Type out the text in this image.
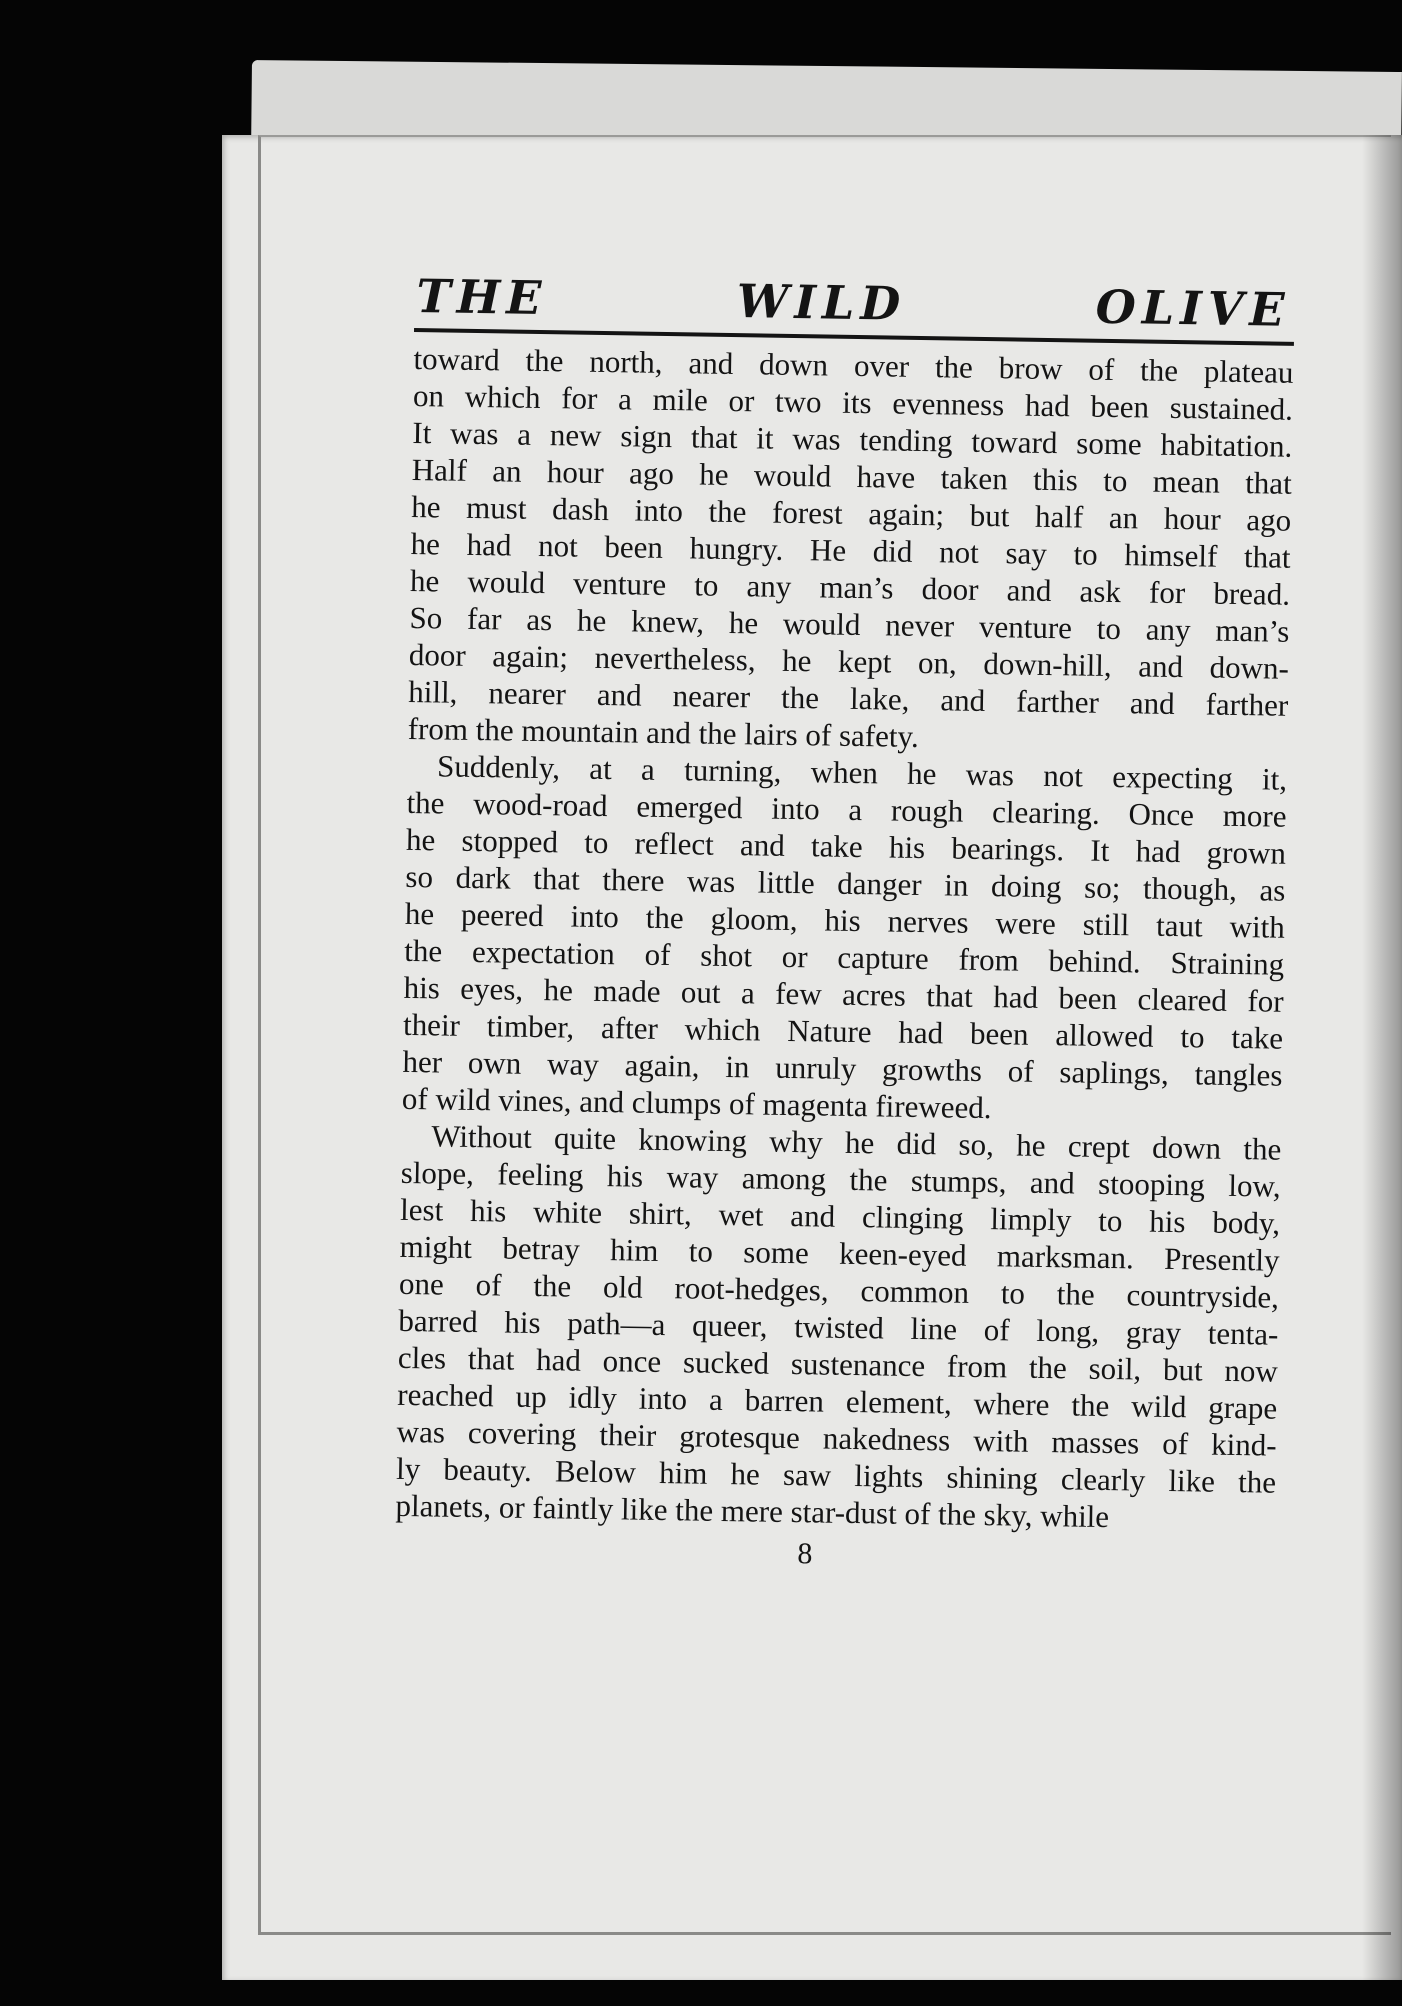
THE	WILD	OLIVE
toward the north, and down over the brow of the plateau
on which for a mile or two its evenness had been sustained.
It was a new sign that it was tending toward some habitation.
Half an hour ago he would have taken this to mean that
he must dash into the forest again; but half an hour ago
he had not been hungry. He did not say to himself that
he would venture to any man’s door and ask for bread.
So far as he knew, he would never venture to any man’s
door again; nevertheless, he kept on, down-hill, and down-
hill, nearer and nearer the lake, and farther and farther
from the mountain and the lairs of safety.
Suddenly, at a turning, when he was not expecting it,
the wood-road emerged into a rough clearing. Once more
he stopped to reflect and take his bearings. It had grown
so dark that there was little danger in doing so; though, as
he peered into the gloom, his nerves were still taut with
the expectation of shot or capture from behind. Straining
his eyes, he made out a few acres that had been cleared for
their timber, after which Nature had been allowed to take
her own way again, in unruly growths of saplings, tangles
of wild vines, and clumps of magenta fireweed.
Without quite knowing why he did so, he crept down the
slope, feeling his way among the stumps, and stooping low,
lest his white shirt, wet and clinging limply to his body,
might betray him to some keen-eyed marksman. Presently
one of the old root-hedges, common to the countryside,
barred his path—a queer, twisted line of long, gray tenta-
cles that had once sucked sustenance from the soil, but now
reached up idly into a barren element, where the wild grape
was covering their grotesque nakedness with masses of kind-
ly beauty. Below him he saw lights shining clearly like the
planets, or faintly like the mere star-dust of the sky, while
8
